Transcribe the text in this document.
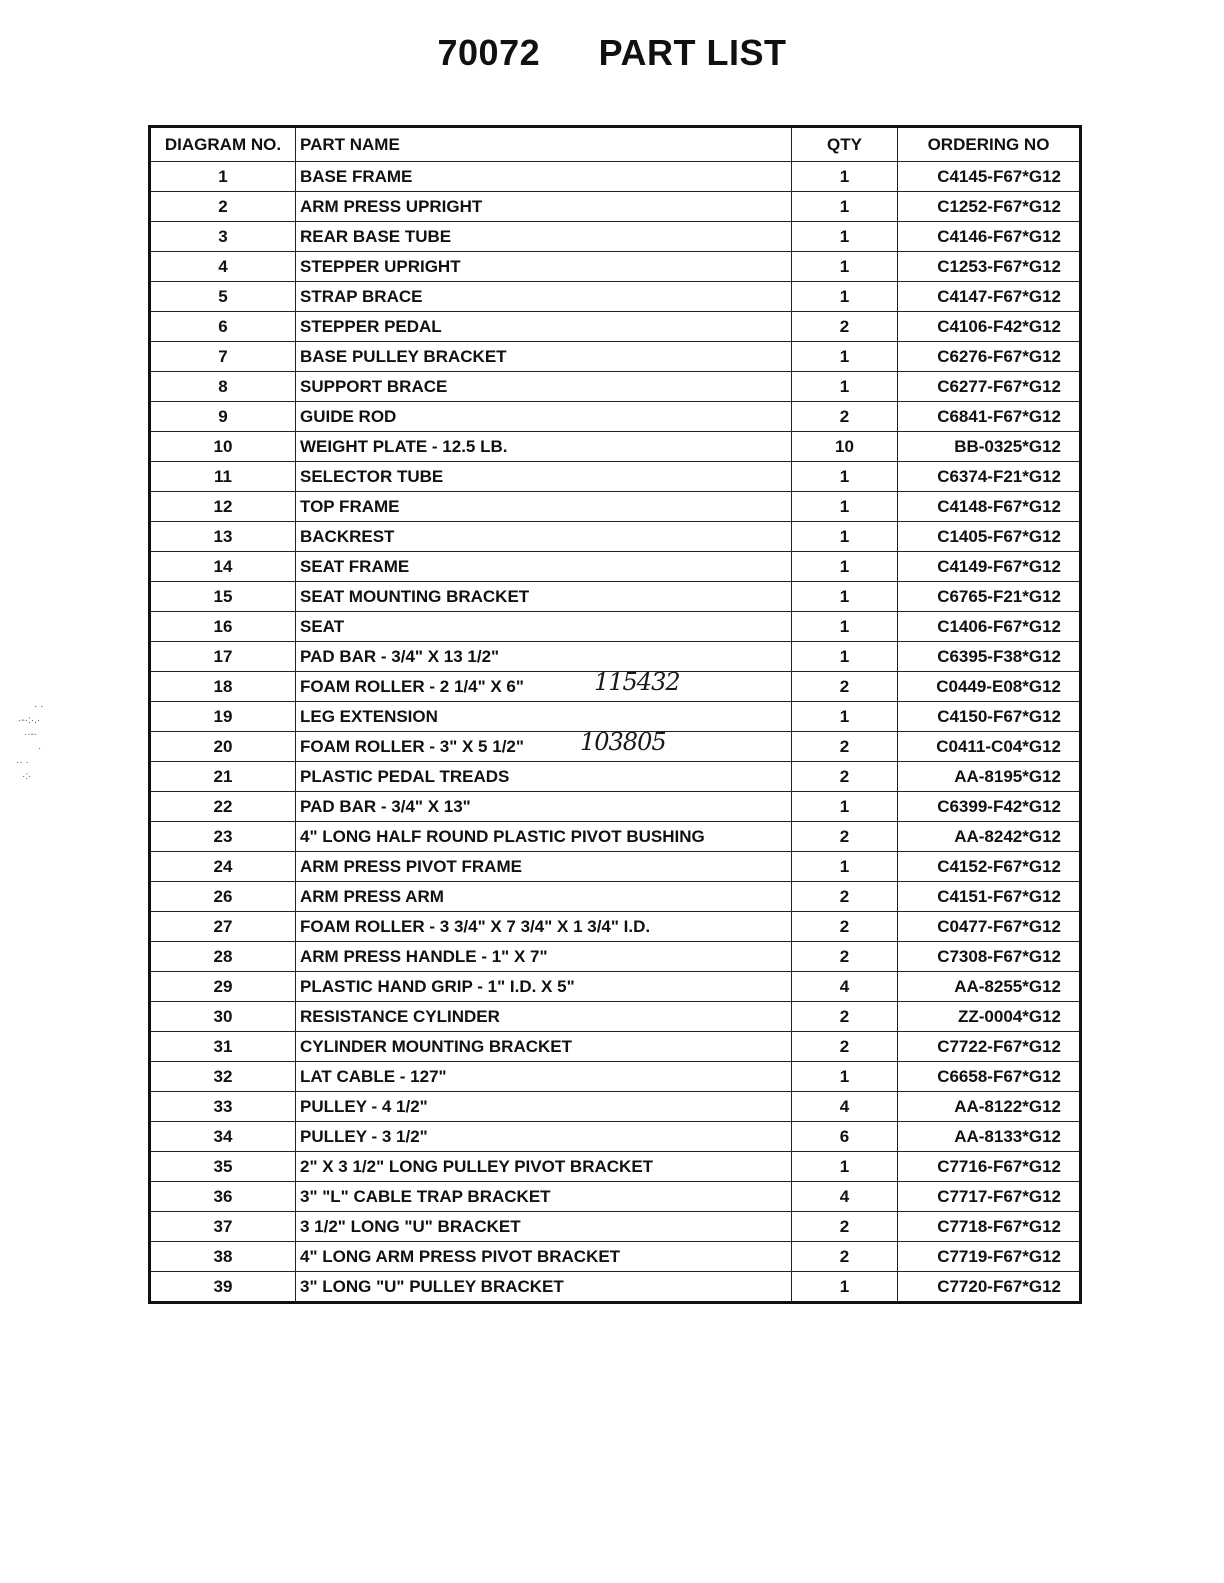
70072 PART LIST
· ·
·-·:·.·
··-·
·
·· ·
·:·
DIAGRAM NO.	PART NAME	QTY	ORDERING NO
1	BASE FRAME	1	C4145-F67*G12
2	ARM PRESS UPRIGHT	1	C1252-F67*G12
3	REAR BASE TUBE	1	C4146-F67*G12
4	STEPPER UPRIGHT	1	C1253-F67*G12
5	STRAP BRACE	1	C4147-F67*G12
6	STEPPER PEDAL	2	C4106-F42*G12
7	BASE PULLEY BRACKET	1	C6276-F67*G12
8	SUPPORT BRACE	1	C6277-F67*G12
9	GUIDE ROD	2	C6841-F67*G12
10	WEIGHT PLATE - 12.5 LB.	10	BB-0325*G12
11	SELECTOR TUBE	1	C6374-F21*G12
12	TOP FRAME	1	C4148-F67*G12
13	BACKREST	1	C1405-F67*G12
14	SEAT FRAME	1	C4149-F67*G12
15	SEAT MOUNTING BRACKET	1	C6765-F21*G12
16	SEAT	1	C1406-F67*G12
17	PAD BAR - 3/4" X 13 1/2"	1	C6395-F38*G12
18	FOAM ROLLER - 2 1/4" X 6" 115432	2	C0449-E08*G12
19	LEG EXTENSION	1	C4150-F67*G12
20	FOAM ROLLER - 3" X 5 1/2" 103805	2	C0411-C04*G12
21	PLASTIC PEDAL TREADS	2	AA-8195*G12
22	PAD BAR - 3/4" X 13"	1	C6399-F42*G12
23	4" LONG HALF ROUND PLASTIC PIVOT BUSHING	2	AA-8242*G12
24	ARM PRESS PIVOT FRAME	1	C4152-F67*G12
26	ARM PRESS ARM	2	C4151-F67*G12
27	FOAM ROLLER - 3 3/4" X 7 3/4" X 1 3/4" I.D.	2	C0477-F67*G12
28	ARM PRESS HANDLE - 1" X 7"	2	C7308-F67*G12
29	PLASTIC HAND GRIP - 1" I.D. X 5"	4	AA-8255*G12
30	RESISTANCE CYLINDER	2	ZZ-0004*G12
31	CYLINDER MOUNTING BRACKET	2	C7722-F67*G12
32	LAT CABLE - 127"	1	C6658-F67*G12
33	PULLEY - 4 1/2"	4	AA-8122*G12
34	PULLEY - 3 1/2"	6	AA-8133*G12
35	2" X 3 1/2" LONG PULLEY PIVOT BRACKET	1	C7716-F67*G12
36	3" "L" CABLE TRAP BRACKET	4	C7717-F67*G12
37	3 1/2" LONG "U" BRACKET	2	C7718-F67*G12
38	4" LONG ARM PRESS PIVOT BRACKET	2	C7719-F67*G12
39	3" LONG "U" PULLEY BRACKET	1	C7720-F67*G12
